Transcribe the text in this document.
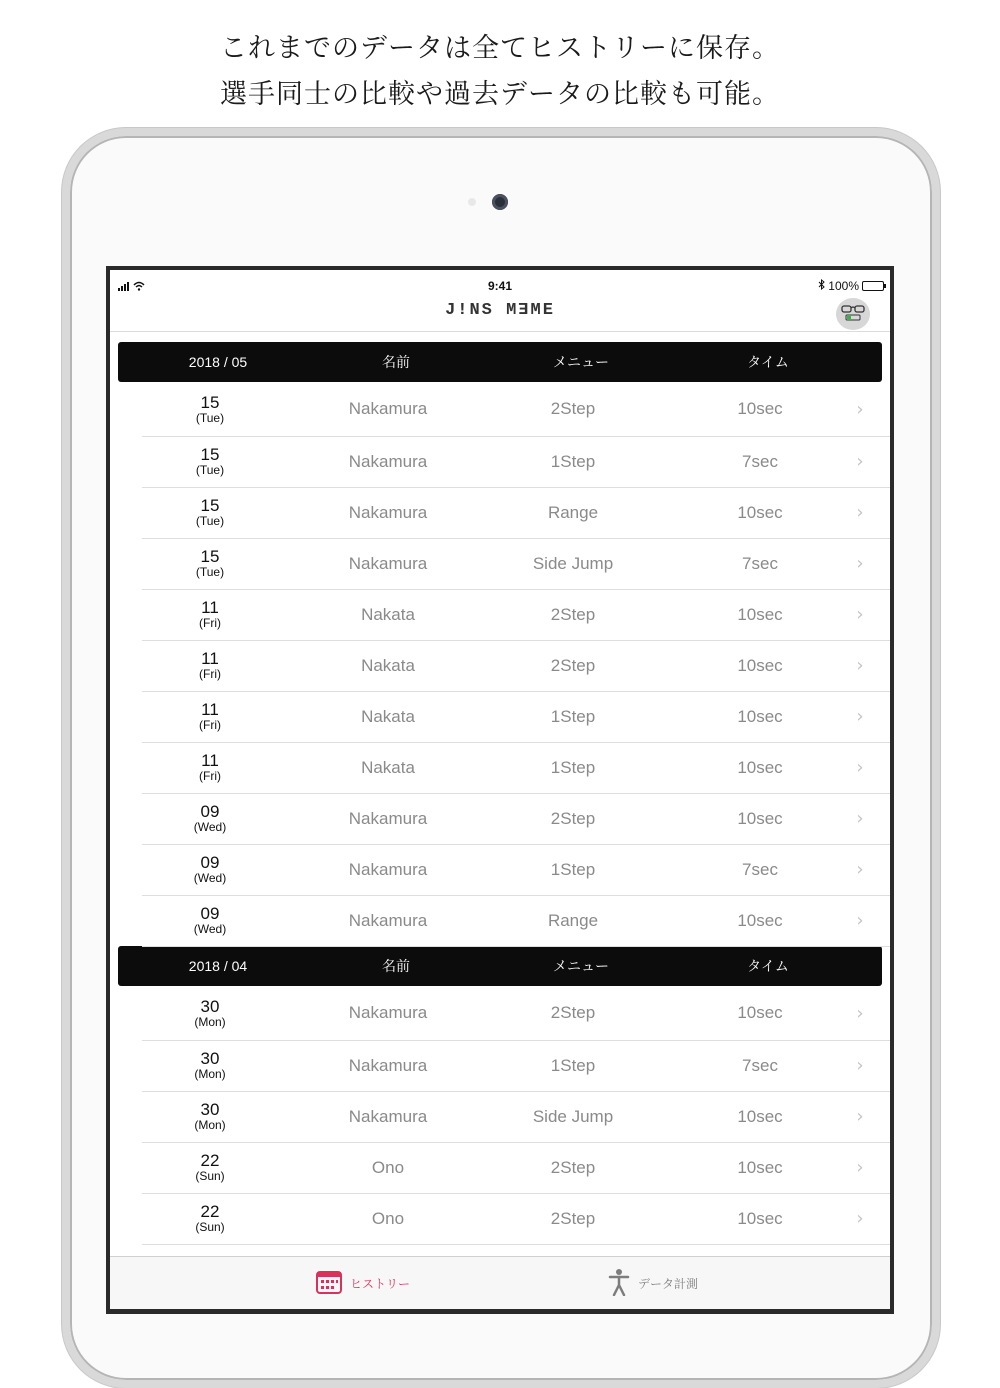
これまでのデータは全てヒストリーに保存。
選手同士の比較や過去データの比較も可能。
9:41	100%
J!NS MƎME
2018 / 05	名前	メニュー	タイム
15
(Tue)	Nakamura	2Step	10sec	›
15
(Tue)	Nakamura	1Step	7sec	›
15
(Tue)	Nakamura	Range	10sec	›
15
(Tue)	Nakamura	Side Jump	7sec	›
11
(Fri)	Nakata	2Step	10sec	›
11
(Fri)	Nakata	2Step	10sec	›
11
(Fri)	Nakata	1Step	10sec	›
11
(Fri)	Nakata	1Step	10sec	›
09
(Wed)	Nakamura	2Step	10sec	›
09
(Wed)	Nakamura	1Step	7sec	›
09
(Wed)	Nakamura	Range	10sec	›
2018 / 04	名前	メニュー	タイム
30
(Mon)	Nakamura	2Step	10sec	›
30
(Mon)	Nakamura	1Step	7sec	›
30
(Mon)	Nakamura	Side Jump	10sec	›
22
(Sun)	Ono	2Step	10sec	›
22
(Sun)	Ono	2Step	10sec	›
ヒストリー	データ計測
